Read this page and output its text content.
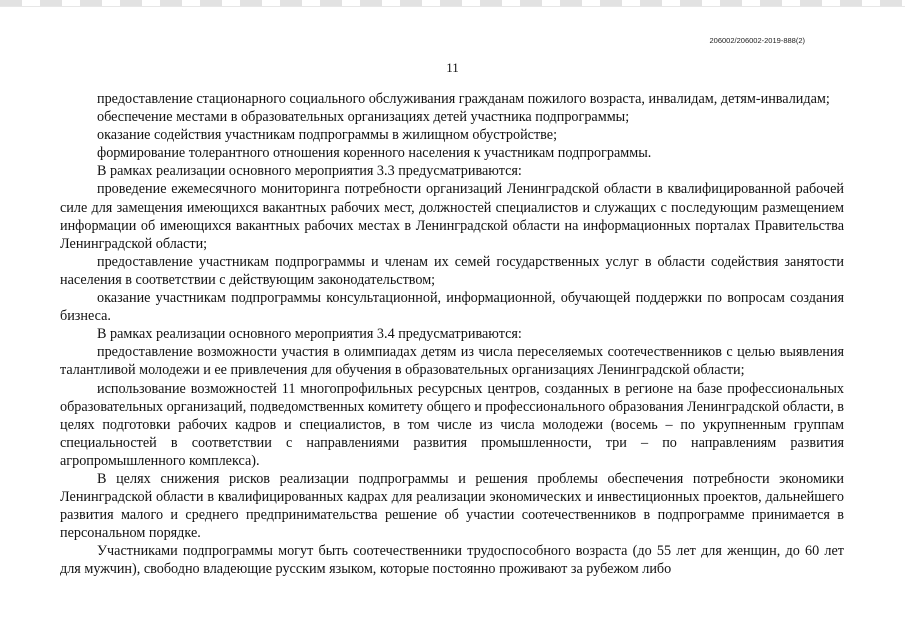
206002/206002-2019-888(2)
11

предоставление стационарного социального обслуживания гражданам пожилого возраста, инвалидам, детям-инвалидам;

обеспечение местами в образовательных организациях детей участника подпрограммы;

оказание содействия участникам подпрограммы в жилищном обустройстве;

формирование толерантного отношения коренного населения к участникам подпрограммы.

В рамках реализации основного мероприятия 3.3 предусматриваются:

проведение ежемесячного мониторинга потребности организаций Ленинградской области в квалифицированной рабочей силе для замещения имеющихся вакантных рабочих мест, должностей специалистов и служащих с последующим размещением информации об имеющихся вакантных рабочих местах в Ленинградской области на информационных порталах Правительства Ленинградской области;

предоставление участникам подпрограммы и членам их семей государственных услуг в области содействия занятости населения в соответствии с действующим законодательством;

оказание участникам подпрограммы консультационной, информационной, обучающей поддержки по вопросам создания бизнеса.

В рамках реализации основного мероприятия 3.4 предусматриваются:

предоставление возможности участия в олимпиадах детям из числа переселяемых соотечественников с целью выявления талантливой молодежи и ее привлечения для обучения в образовательных организациях Ленинградской области;

использование возможностей 11 многопрофильных ресурсных центров, созданных в регионе на базе профессиональных образовательных организаций, подведомственных комитету общего и профессионального образования Ленинградской области, в целях подготовки рабочих кадров и специалистов, в том числе из числа молодежи (восемь – по укрупненным группам специальностей в соответствии с направлениями развития промышленности, три – по направлениям развития агропромышленного комплекса).

В целях снижения рисков реализации подпрограммы и решения проблемы обеспечения потребности экономики Ленинградской области в квалифицированных кадрах для реализации экономических и инвестиционных проектов, дальнейшего развития малого и среднего предпринимательства решение об участии соотечественников в подпрограмме принимается в персональном порядке.

Участниками подпрограммы могут быть соотечественники трудоспособного возраста (до 55 лет для женщин, до 60 лет для мужчин), свободно владеющие русским языком, которые постоянно проживают за рубежом либо
